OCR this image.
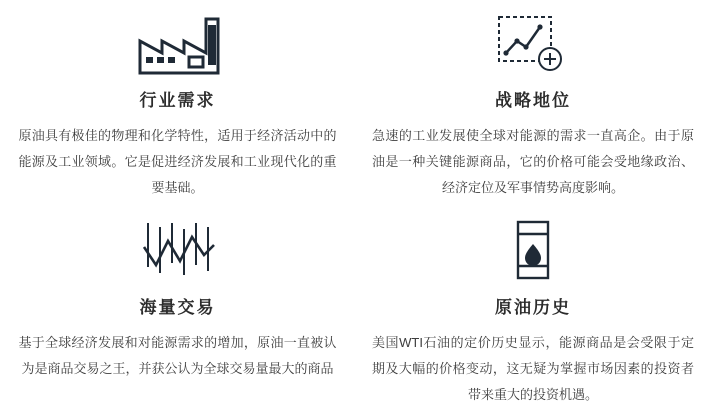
行业需求
原油具有极佳的物理和化学特性，适用于经济活动中的能源及工业领域。它是促进经济发展和工业现代化的重要基础。
战略地位
急速的工业发展使全球对能源的需求一直高企。由于原油是一种关键能源商品，它的价格可能会受地缘政治、经济定位及军事情势高度影响。
海量交易
基于全球经济发展和对能源需求的增加，原油一直被认为是商品交易之王，并获公认为全球交易量最大的商品
原油历史
美国WTI石油的定价历史显示，能源商品是会受限于定期及大幅的价格变动，这无疑为掌握市场因素的投资者带来重大的投资机遇。
